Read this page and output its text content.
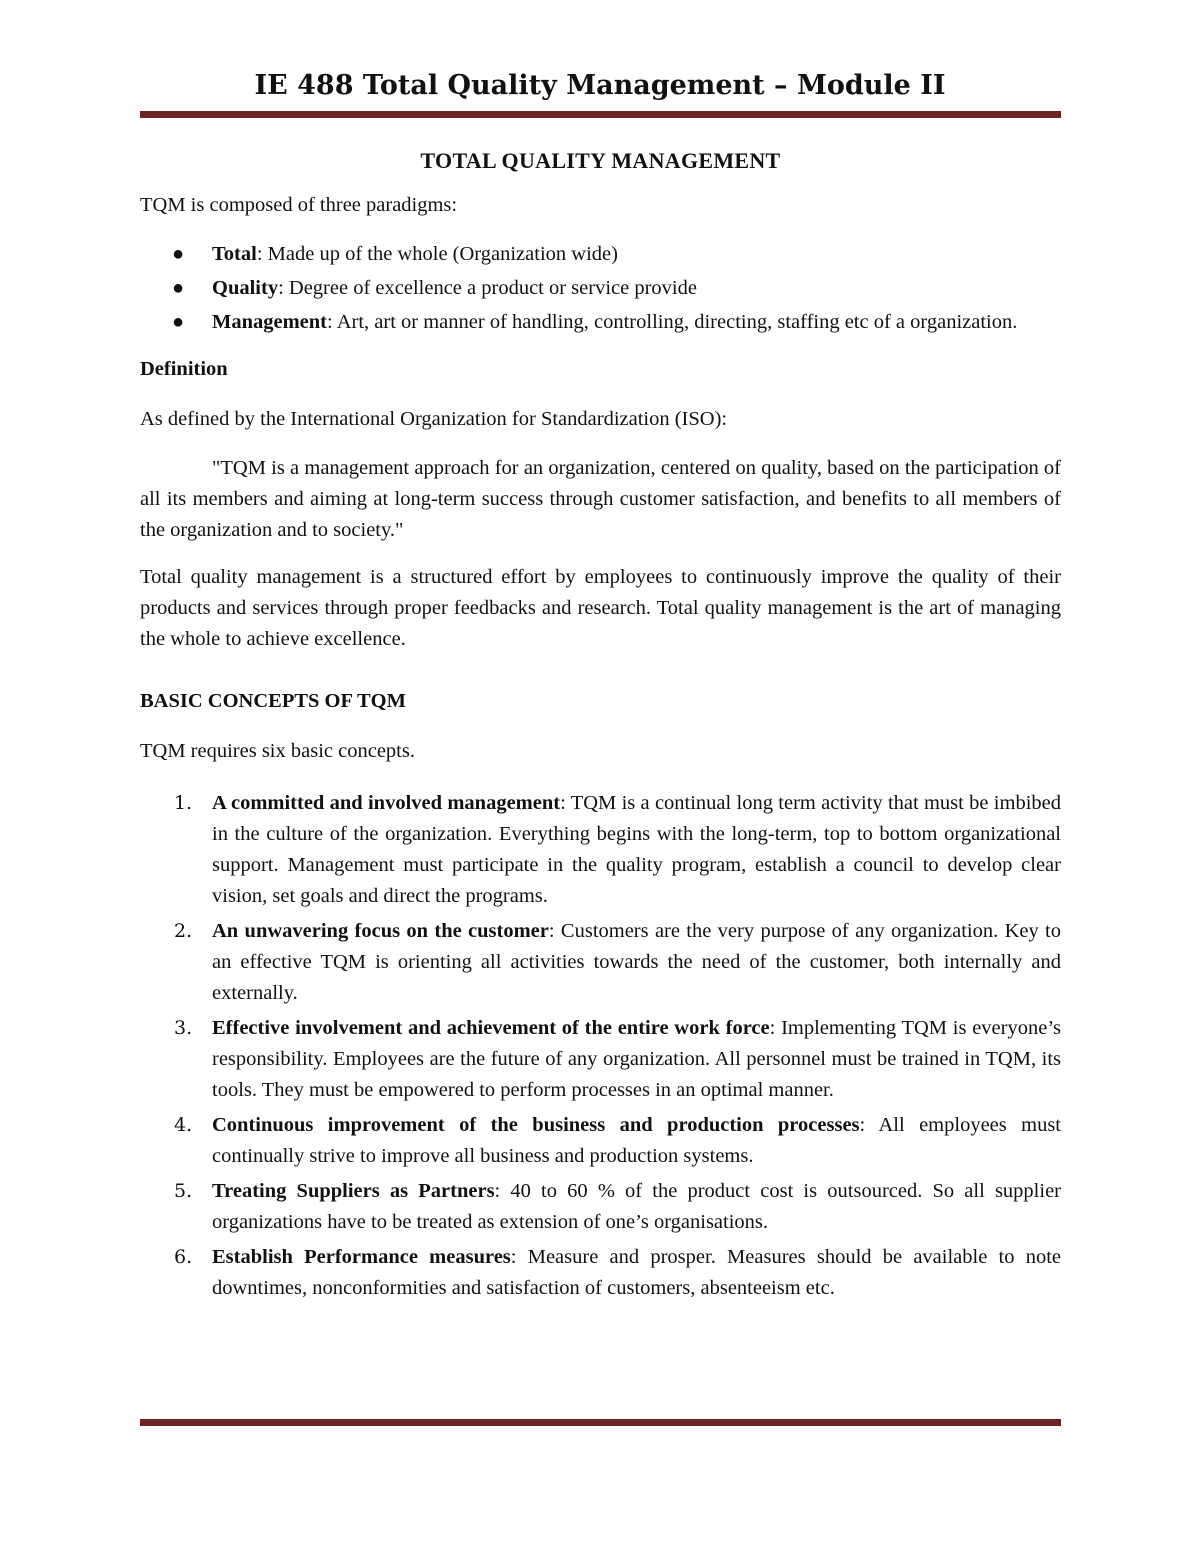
IE 488 Total Quality Management – Module II
TOTAL QUALITY MANAGEMENT

TQM is composed of three paradigms:

● Total: Made up of the whole (Organization wide)
● Quality: Degree of excellence a product or service provide
● Management: Art, art or manner of handling, controlling, directing, staffing etc of a organization.

Definition

As defined by the International Organization for Standardization (ISO):

"TQM is a management approach for an organization, centered on quality, based on the participation of all its members and aiming at long-term success through customer satisfaction, and benefits to all members of the organization and to society."

Total quality management is a structured effort by employees to continuously improve the quality of their products and services through proper feedbacks and research. Total quality management is the art of managing the whole to achieve excellence.

BASIC CONCEPTS OF TQM

TQM requires six basic concepts.

1. A committed and involved management: TQM is a continual long term activity that must be imbibed in the culture of the organization. Everything begins with the long-term, top to bottom organizational support. Management must participate in the quality program, establish a council to develop clear vision, set goals and direct the programs.
2. An unwavering focus on the customer: Customers are the very purpose of any organization. Key to an effective TQM is orienting all activities towards the need of the customer, both internally and externally.
3. Effective involvement and achievement of the entire work force: Implementing TQM is everyone’s responsibility. Employees are the future of any organization. All personnel must be trained in TQM, its tools. They must be empowered to perform processes in an optimal manner.
4. Continuous improvement of the business and production processes: All employees must continually strive to improve all business and production systems.
5. Treating Suppliers as Partners: 40 to 60 % of the product cost is outsourced. So all supplier organizations have to be treated as extension of one’s organisations.
6. Establish Performance measures: Measure and prosper. Measures should be available to note downtimes, nonconformities and satisfaction of customers, absenteeism etc.
